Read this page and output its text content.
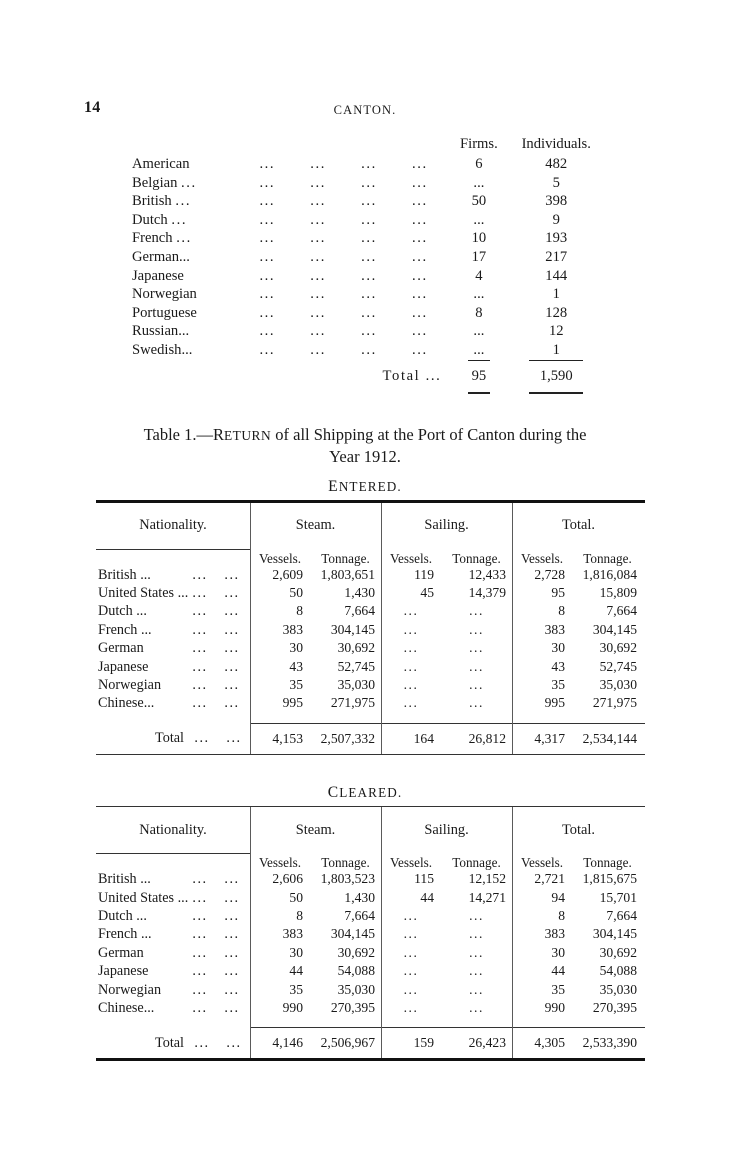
14	CANTON.
					Firms.	Individuals.
American	...	...	...	...	6	482
Belgian ...	...	...	...	...	...	5
British ...	...	...	...	...	50	398
Dutch ...	...	...	...	...	...	9
French ...	...	...	...	...	10	193
German...	...	...	...	...	17	217
Japanese	...	...	...	...	4	144
Norwegian	...	...	...	...	...	1
Portuguese	...	...	...	...	8	128
Russian...	...	...	...	...	...	12
Swedish...	...	...	...	...	...	1

			Total ...		95	1,590
Table 1.—RETURN of all Shipping at the Port of Canton during the
Year 1912.
ENTERED.
Nationality.	Steam.	Sailing.	Total.
Vessels.	Tonnage.	Vessels.	Tonnage.	Vessels.	Tonnage.
British ...	...	...	2,609	1,803,651	119	12,433	2,728	1,816,084
United States ... ...	...	50	1,430	45	14,379	95	15,809
Dutch ...	...	...	8	7,664	...	...	8	7,664
French ...	...	...	383	304,145	...	...	383	304,145
German	...	...	30	30,692	...	...	30	30,692
Japanese	...	...	43	52,745	...	...	43	52,745
Norwegian	...	...	35	35,030	...	...	35	35,030
Chinese...	...	...	995	271,975	...	...	995	271,975
Total ...	...	4,153	2,507,332	164	26,812	4,317	2,534,144
CLEARED.
Nationality.	Steam.	Sailing.	Total.
Vessels.	Tonnage.	Vessels.	Tonnage.	Vessels.	Tonnage.
British ...	...	...	2,606	1,803,523	115	12,152	2,721	1,815,675
United States ... ...	...	50	1,430	44	14,271	94	15,701
Dutch ...	...	...	8	7,664	...	...	8	7,664
French ...	...	...	383	304,145	...	...	383	304,145
German	...	...	30	30,692	...	...	30	30,692
Japanese	...	...	44	54,088	...	...	44	54,088
Norwegian	...	...	35	35,030	...	...	35	35,030
Chinese...	...	...	990	270,395	...	...	990	270,395
Total ...	...	4,146	2,506,967	159	26,423	4,305	2,533,390
